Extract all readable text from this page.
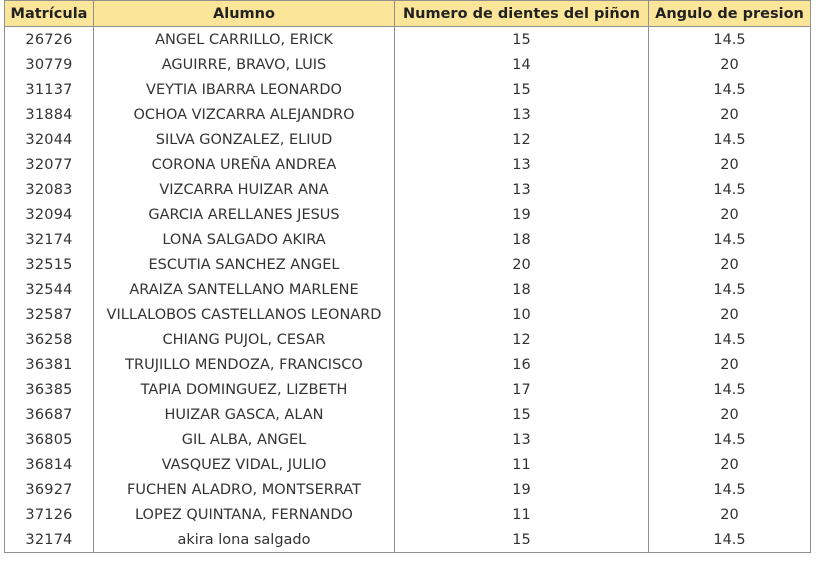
Matrícula	Alumno	Numero de dientes del piñon	Angulo de presion
26726	ANGEL CARRILLO, ERICK	15	14.5
30779	AGUIRRE, BRAVO, LUIS	14	20
31137	VEYTIA IBARRA LEONARDO	15	14.5
31884	OCHOA VIZCARRA ALEJANDRO	13	20
32044	SILVA GONZALEZ, ELIUD	12	14.5
32077	CORONA UREÑA ANDREA	13	20
32083	VIZCARRA HUIZAR ANA	13	14.5
32094	GARCIA ARELLANES JESUS	19	20
32174	LONA SALGADO AKIRA	18	14.5
32515	ESCUTIA SANCHEZ ANGEL	20	20
32544	ARAIZA SANTELLANO MARLENE	18	14.5
32587	VILLALOBOS CASTELLANOS LEONARD	10	20
36258	CHIANG PUJOL, CESAR	12	14.5
36381	TRUJILLO MENDOZA, FRANCISCO	16	20
36385	TAPIA DOMINGUEZ, LIZBETH	17	14.5
36687	HUIZAR GASCA, ALAN	15	20
36805	GIL ALBA, ANGEL	13	14.5
36814	VASQUEZ VIDAL, JULIO	11	20
36927	FUCHEN ALADRO, MONTSERRAT	19	14.5
37126	LOPEZ QUINTANA, FERNANDO	11	20
32174	akira lona salgado	15	14.5
